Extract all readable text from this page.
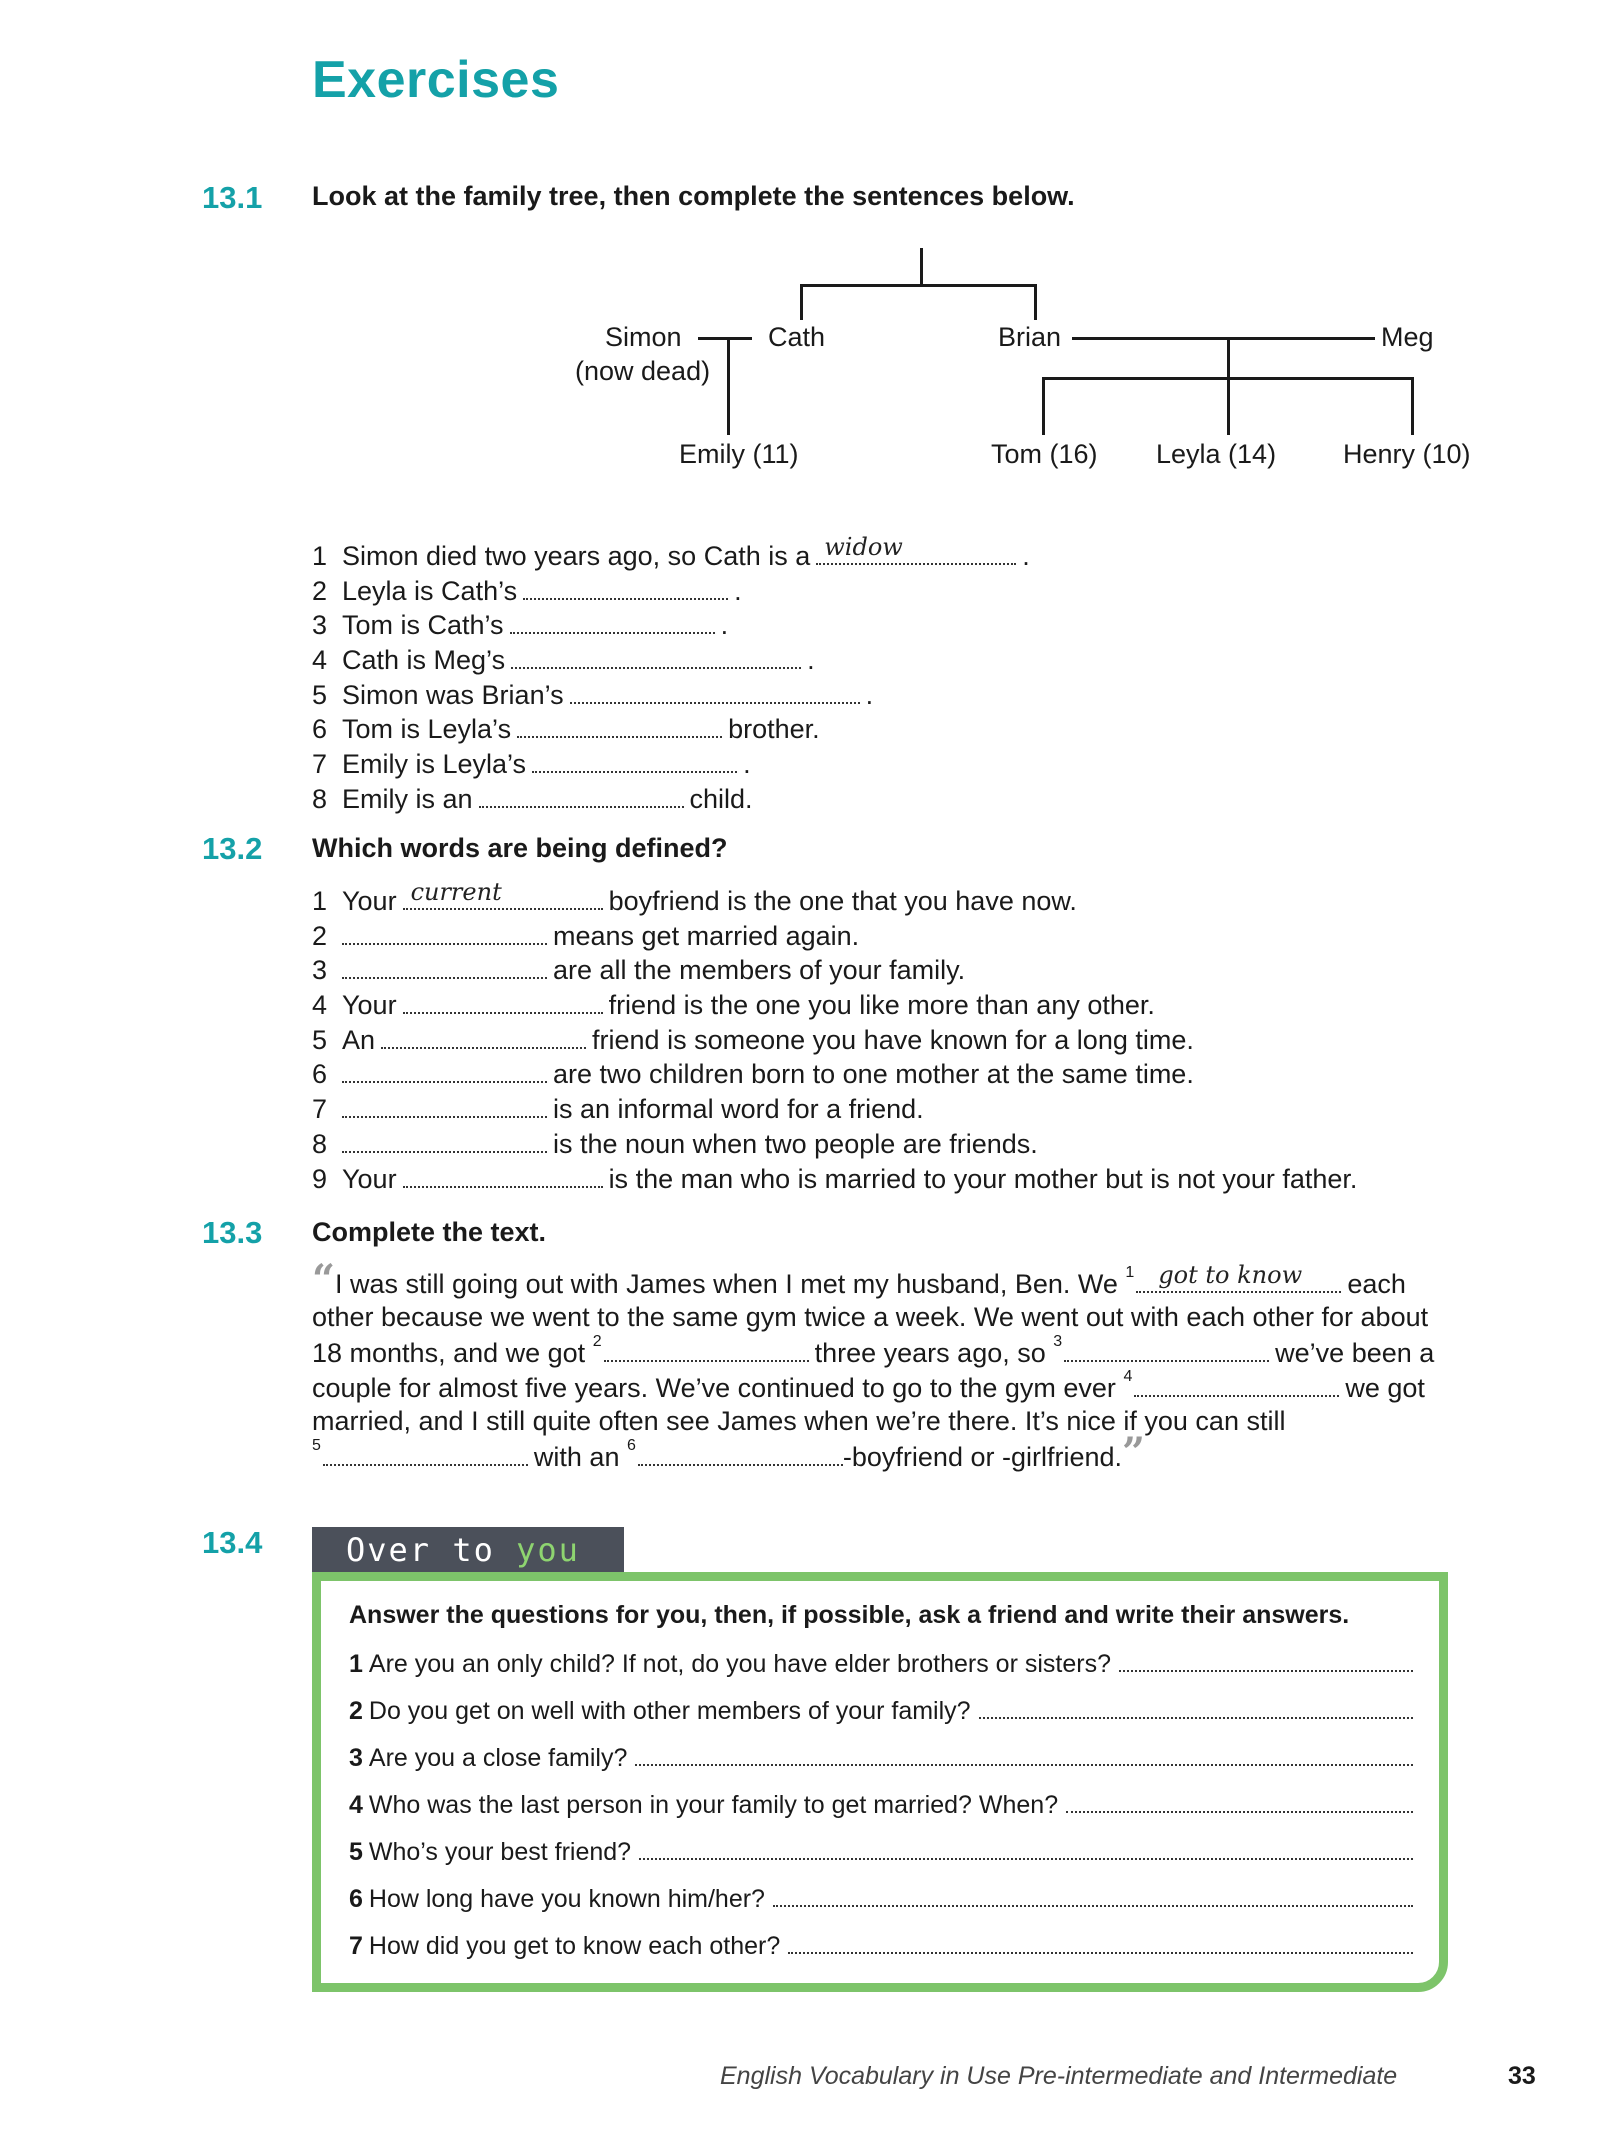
Exercises
13.1 Look at the family tree, then complete the sentences below.
Simon
(now dead)
Cath	Brian	Meg
Emily (11)	Tom (16) Leyla (14) Henry (10)
1 Simon died two years ago, so Cath is a widow	.
2 Leyla is Cath’s	.
3 Tom is Cath’s	.
4 Cath is Meg’s	.
5 Simon was Brian’s	.
6 Tom is Leyla’s	brother.
7 Emily is Leyla’s	.
8 Emily is an	child.
13.2 Which words are being defined?
1 Your current	boyfriend is the one that you have now.
2	means get married again.
3	are all the members of your family.
4 Your	friend is the one you like more than any other.
5 An	friend is someone you have known for a long time.
6	are two children born to one mother at the same time.
7	is an informal word for a friend.
8	is the noun when two people are friends.
9 Your	is the man who is married to your mother but is not your father.
13.3 Complete the text.
“I was still going out with James when I met my husband, Ben. We $^1$ got to know each
other because we went to the same gym twice a week. We went out with each other for about
18 months, and we got $^2$	three years ago, so $^3$	we’ve been a
couple for almost five years. We’ve continued to go to the gym ever $^4$	we got
married, and I still quite often see James when we’re there. It’s nice if you can still
$^5$	with an $^6$	-boyfriend or -girlfriend.”
13.4	Over to you
Answer the questions for you, then, if possible, ask a friend and write their answers.
1 Are you an only child? If not, do you have elder brothers or sisters?
2 Do you get on well with other members of your family?
3 Are you a close family?
4 Who was the last person in your family to get married? When?
5 Who’s your best friend?
6 How long have you known him/her?
7 How did you get to know each other?
English Vocabulary in Use Pre-intermediate and Intermediate	33
